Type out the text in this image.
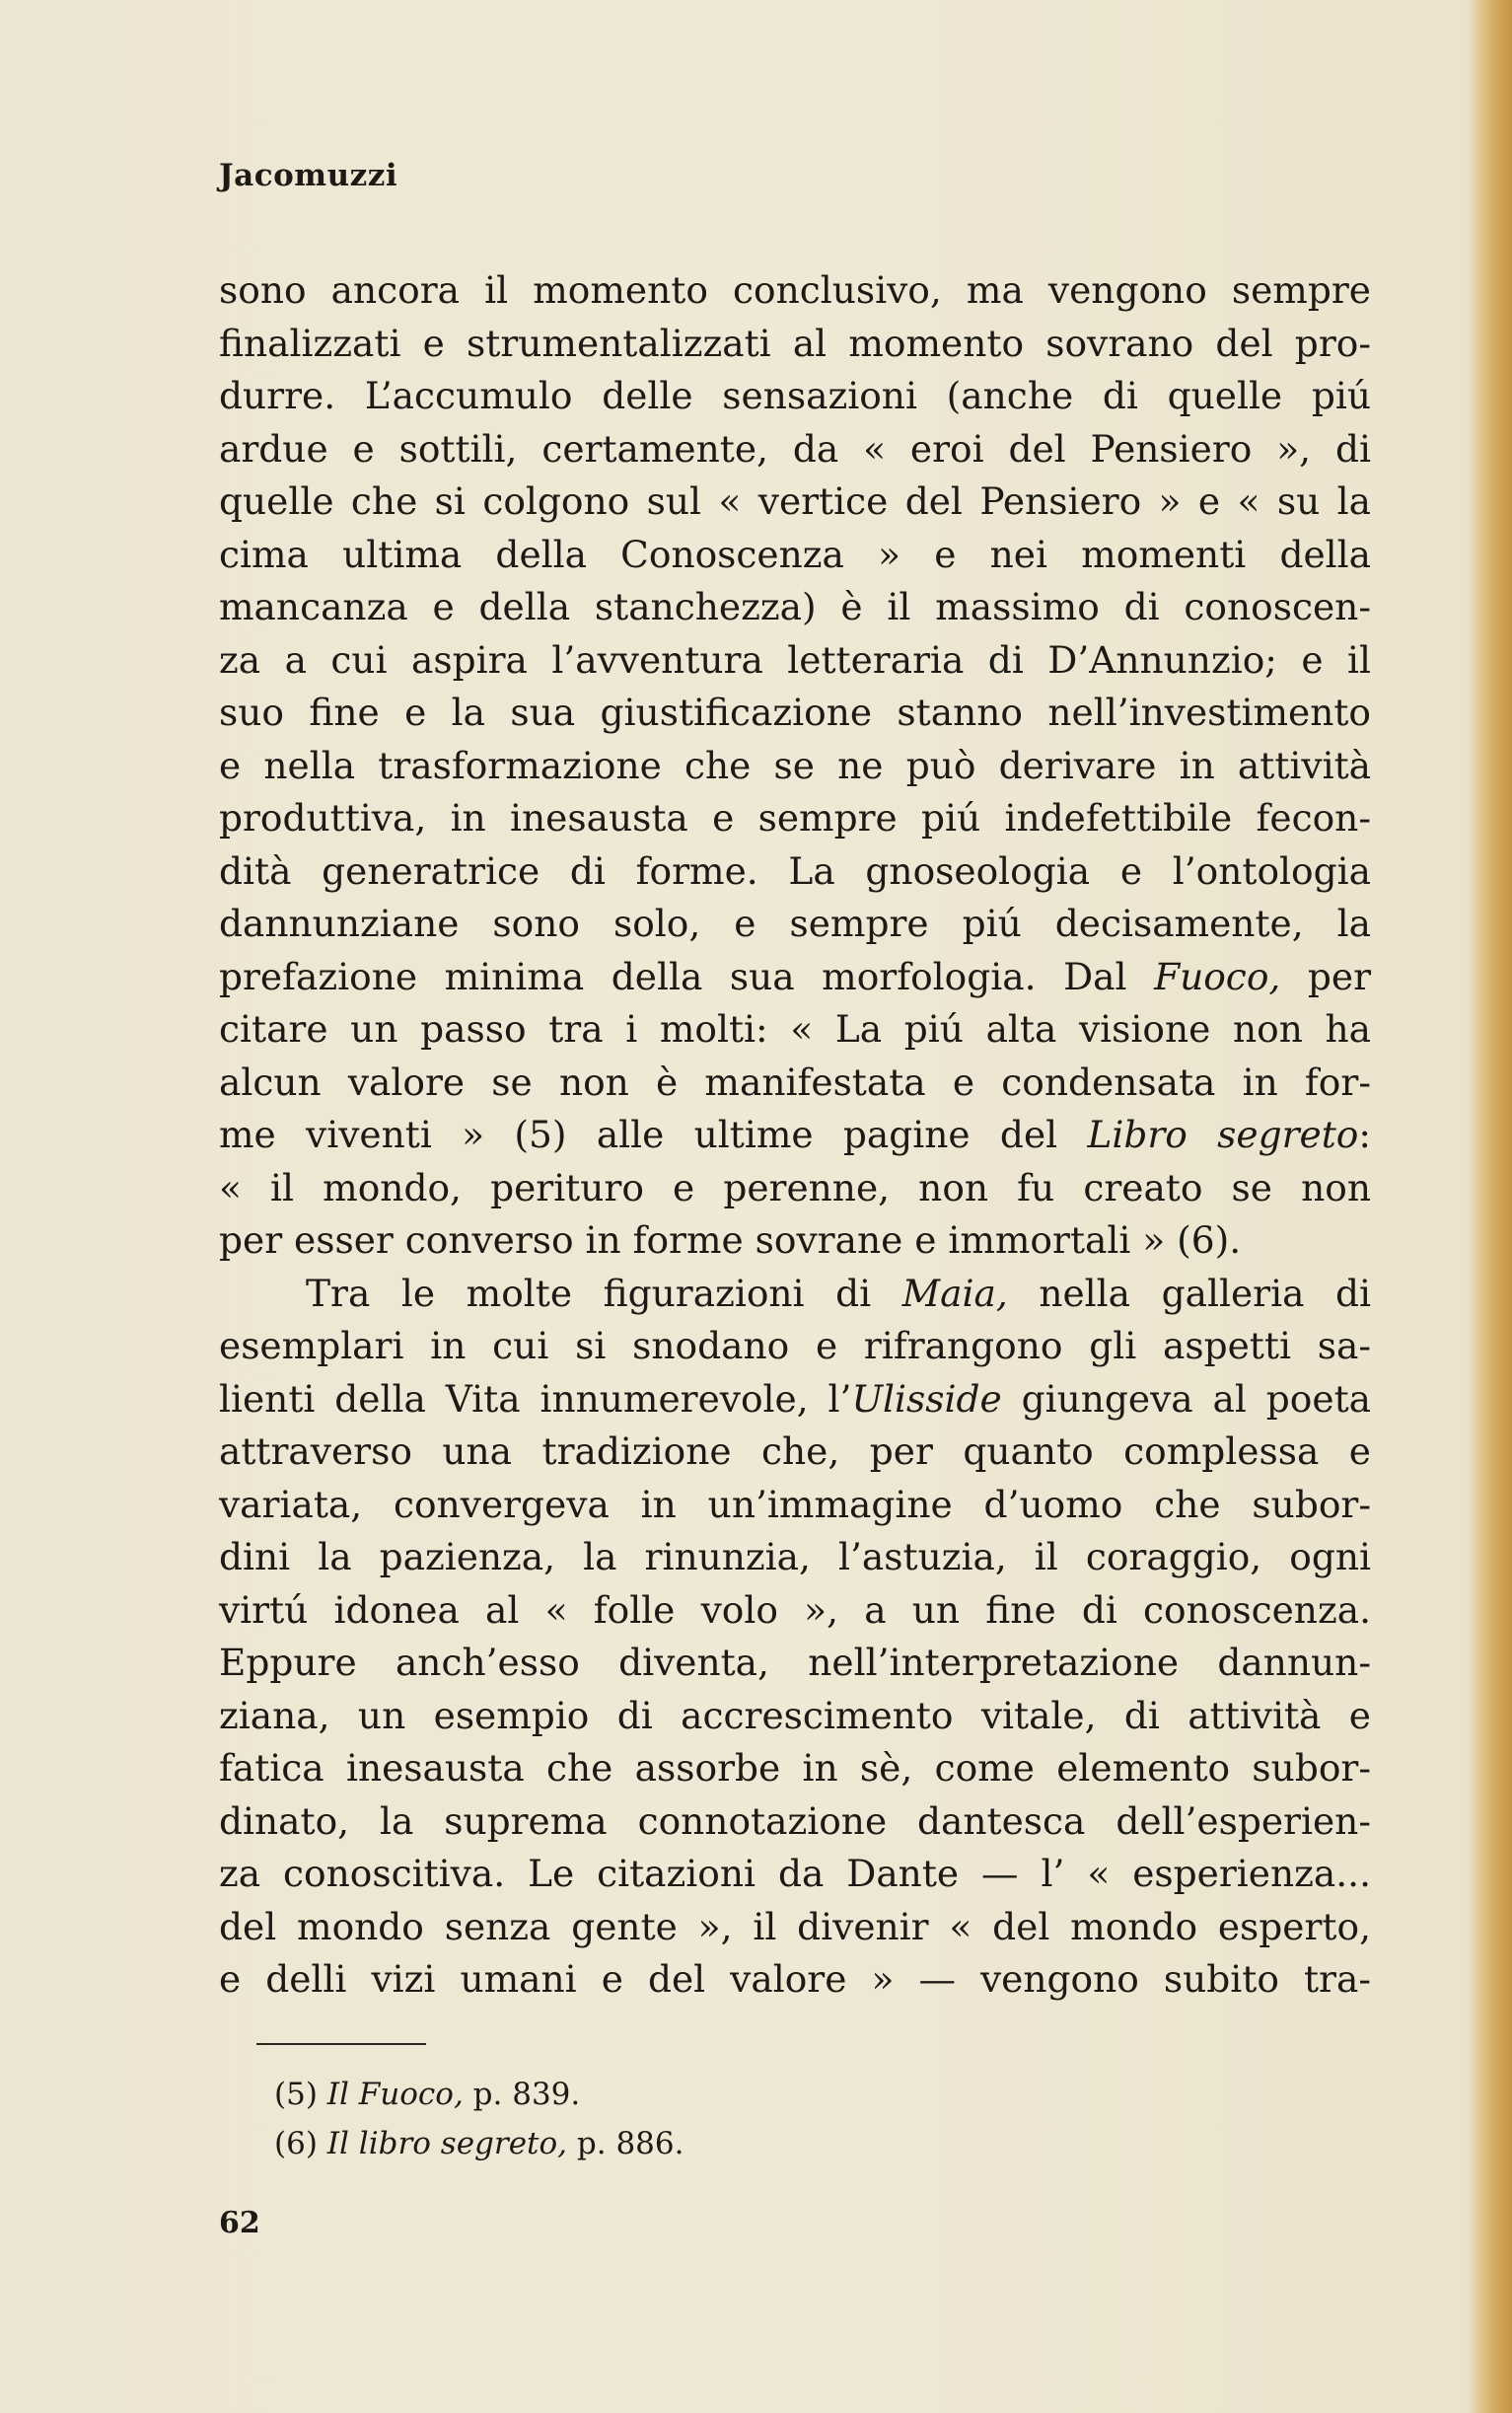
Jacomuzzi
sono ancora il momento conclusivo, ma vengono sempre
finalizzati e strumentalizzati al momento sovrano del pro-
durre. L’accumulo delle sensazioni (anche di quelle piú
ardue e sottili, certamente, da « eroi del Pensiero », di
quelle che si colgono sul « vertice del Pensiero » e « su la
cima ultima della Conoscenza » e nei momenti della
mancanza e della stanchezza) è il massimo di conoscen-
za a cui aspira l’avventura letteraria di D’Annunzio; e il
suo fine e la sua giustificazione stanno nell’investimento
e nella trasformazione che se ne può derivare in attività
produttiva, in inesausta e sempre piú indefettibile fecon-
dità generatrice di forme. La gnoseologia e l’ontologia
dannunziane sono solo, e sempre piú decisamente, la
prefazione minima della sua morfologia. Dal Fuoco, per
citare un passo tra i molti: « La piú alta visione non ha
alcun valore se non è manifestata e condensata in for-
me viventi » (5) alle ultime pagine del Libro segreto:
« il mondo, perituro e perenne, non fu creato se non
per esser converso in forme sovrane e immortali » (6).
Tra le molte figurazioni di Maia, nella galleria di
esemplari in cui si snodano e rifrangono gli aspetti sa-
lienti della Vita innumerevole, l’Ulisside giungeva al poeta
attraverso una tradizione che, per quanto complessa e
variata, convergeva in un’immagine d’uomo che subor-
dini la pazienza, la rinunzia, l’astuzia, il coraggio, ogni
virtú idonea al « folle volo », a un fine di conoscenza.
Eppure anch’esso diventa, nell’interpretazione dannun-
ziana, un esempio di accrescimento vitale, di attività e
fatica inesausta che assorbe in sè, come elemento subor-
dinato, la suprema connotazione dantesca dell’esperien-
za conoscitiva. Le citazioni da Dante — l’ « esperienza...
del mondo senza gente », il divenir « del mondo esperto,
e delli vizi umani e del valore » — vengono subito tra-
(5) Il Fuoco, p. 839.
(6) Il libro segreto, p. 886.
62
